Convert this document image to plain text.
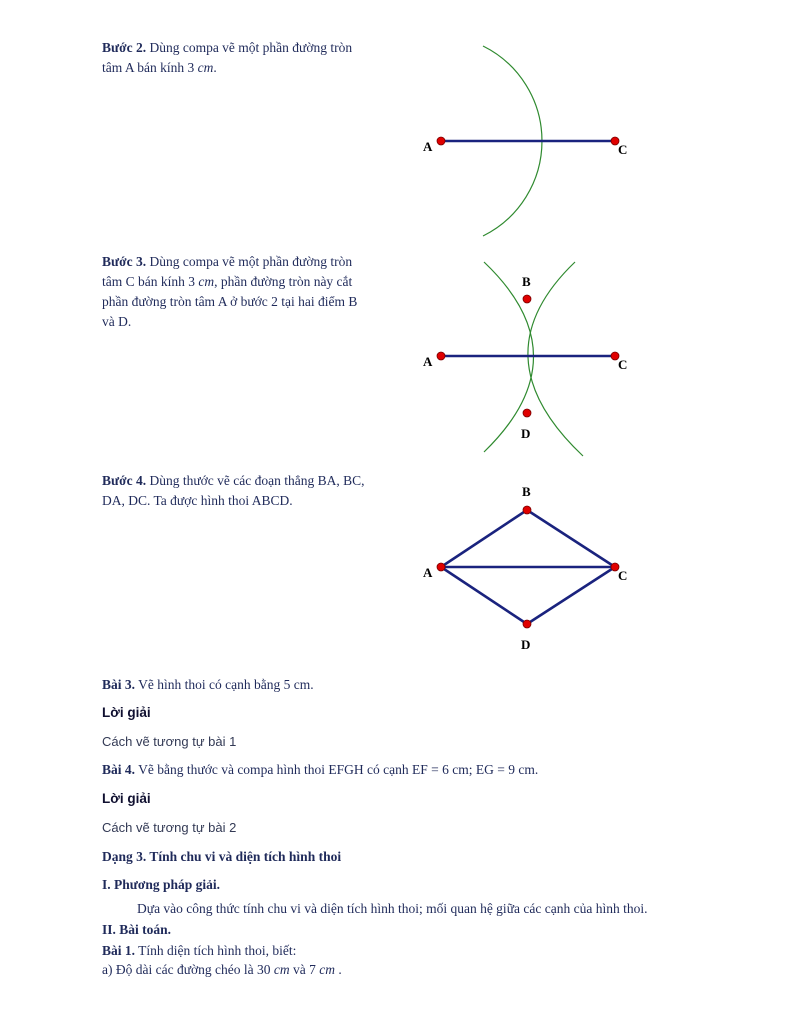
Bước 2. Dùng compa vẽ một phần đường tròn
tâm A bán kính 3 cm.
A	C
Bước 3. Dùng compa vẽ một phần đường tròn
tâm C bán kính 3 cm, phần đường tròn này cắt
phần đường tròn tâm A ở bước 2 tại hai điểm B
và D.
A	C
B
D
Bước 4. Dùng thước vẽ các đoạn thẳng BA, BC,
DA, DC. Ta được hình thoi ABCD.
A	C
B
D
Bài 3. Vẽ hình thoi có cạnh bằng 5 cm.
Lời giải
Cách vẽ tương tự bài 1
Bài 4. Vẽ bằng thước và compa hình thoi EFGH có cạnh EF = 6 cm; EG = 9 cm.
Lời giải
Cách vẽ tương tự bài 2
Dạng 3. Tính chu vi và diện tích hình thoi
I. Phương pháp giải.
Dựa vào công thức tính chu vi và diện tích hình thoi; mối quan hệ giữa các cạnh của hình thoi.
II. Bài toán.
Bài 1. Tính diện tích hình thoi, biết:
a) Độ dài các đường chéo là 30 cm và 7 cm .
